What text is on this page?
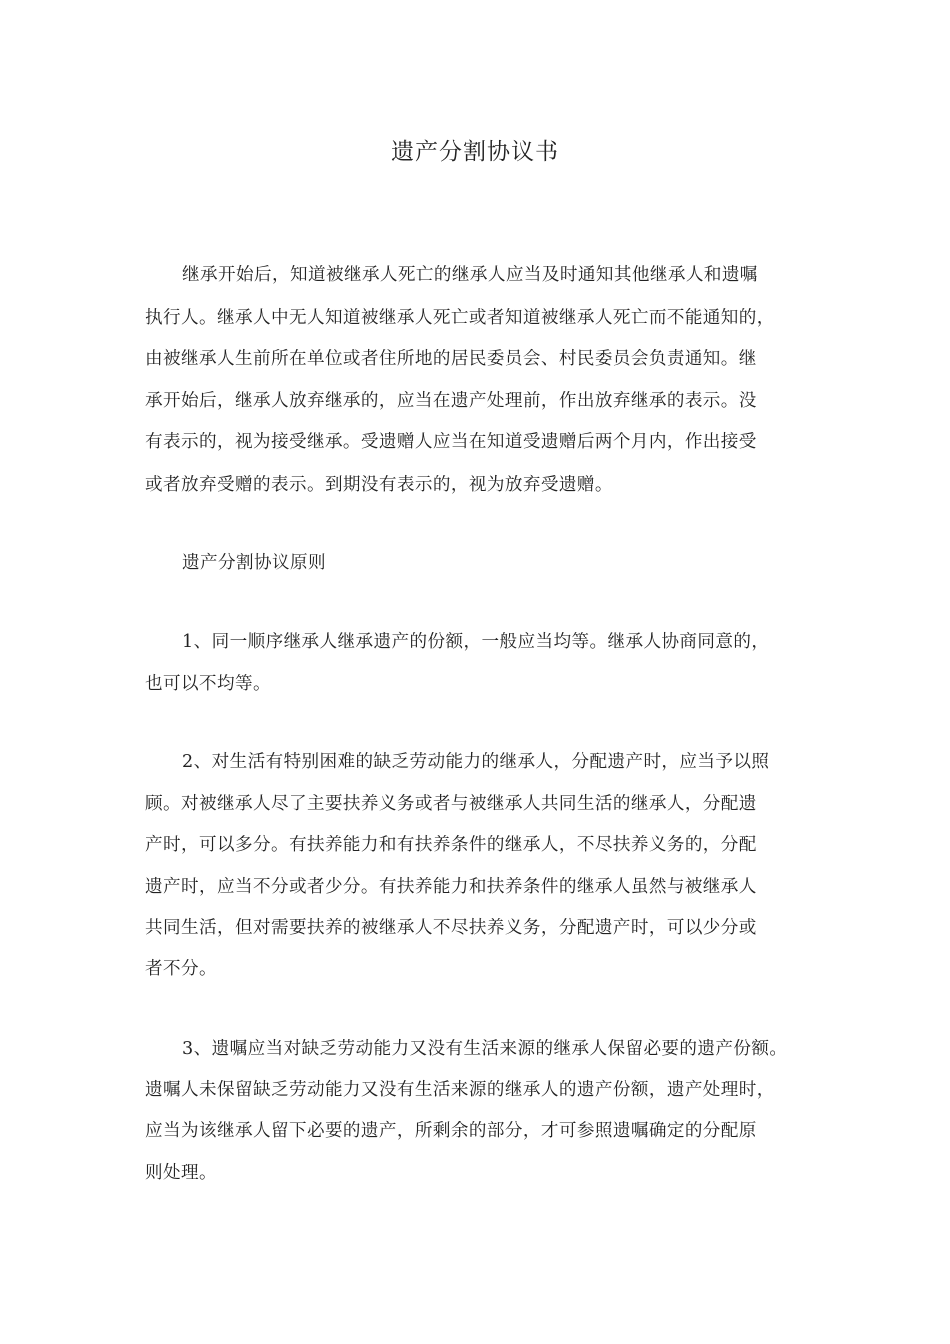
遗产分割协议书
继承开始后，知道被继承人死亡的继承人应当及时通知其他继承人和遗嘱
执行人。继承人中无人知道被继承人死亡或者知道被继承人死亡而不能通知的，
由被继承人生前所在单位或者住所地的居民委员会、村民委员会负责通知。继
承开始后，继承人放弃继承的，应当在遗产处理前，作出放弃继承的表示。没
有表示的，视为接受继承。受遗赠人应当在知道受遗赠后两个月内，作出接受
或者放弃受赠的表示。到期没有表示的，视为放弃受遗赠。
遗产分割协议原则
1、同一顺序继承人继承遗产的份额，一般应当均等。继承人协商同意的，
也可以不均等。
2、对生活有特别困难的缺乏劳动能力的继承人，分配遗产时，应当予以照
顾。对被继承人尽了主要扶养义务或者与被继承人共同生活的继承人，分配遗
产时，可以多分。有扶养能力和有扶养条件的继承人，不尽扶养义务的，分配
遗产时，应当不分或者少分。有扶养能力和扶养条件的继承人虽然与被继承人
共同生活，但对需要扶养的被继承人不尽扶养义务，分配遗产时，可以少分或
者不分。
3、遗嘱应当对缺乏劳动能力又没有生活来源的继承人保留必要的遗产份额。
遗嘱人未保留缺乏劳动能力又没有生活来源的继承人的遗产份额，遗产处理时，
应当为该继承人留下必要的遗产，所剩余的部分，才可参照遗嘱确定的分配原
则处理。
